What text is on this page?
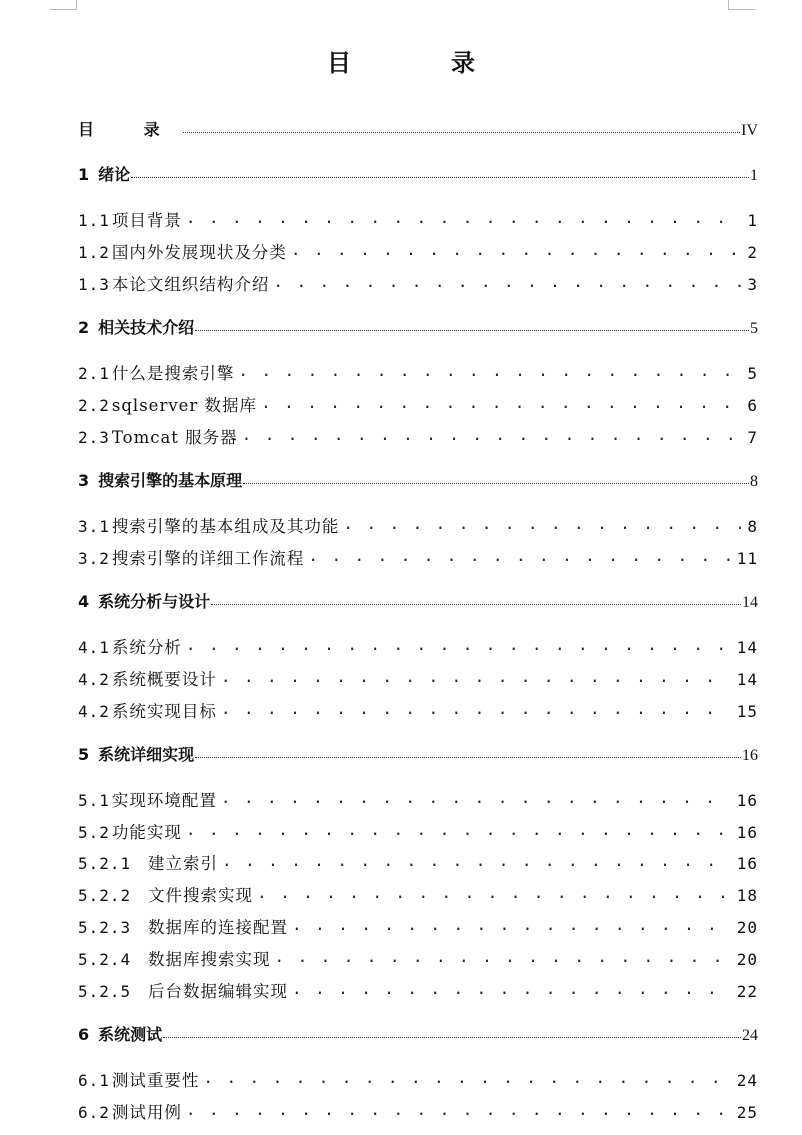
目　录
目 录	IV
1 绪论	1
1.1 项目背景 . . .	1
1.2 国内外发展现状及分类 . . .	2
1.3 本论文组织结构介绍 . . .	3
2 相关技术介绍	5
2.1 什么是搜索引擎 . . .	5
2.2 sqlserver 数据库 . . .	6
2.3 Tomcat 服务器 . . .	7
3 搜索引擎的基本原理	8
3.1 搜索引擎的基本组成及其功能 . . .	8
3.2 搜索引擎的详细工作流程 . . .	11
4 系统分析与设计	14
4.1 系统分析 . . .	14
4.2 系统概要设计 . . .	14
4.2 系统实现目标 . . .	15
5 系统详细实现	16
5.1 实现环境配置 . . .	16
5.2 功能实现 . . .	16
5.2.1	建立索引 . . .	16
5.2.2	文件搜索实现 . . .	18
5.2.3	数据库的连接配置 . . .	20
5.2.4	数据库搜索实现 . . .	20
5.2.5	后台数据编辑实现 . . .	22
6 系统测试	24
6.1 测试重要性 . . .	24
6.2 测试用例 . . .	25
